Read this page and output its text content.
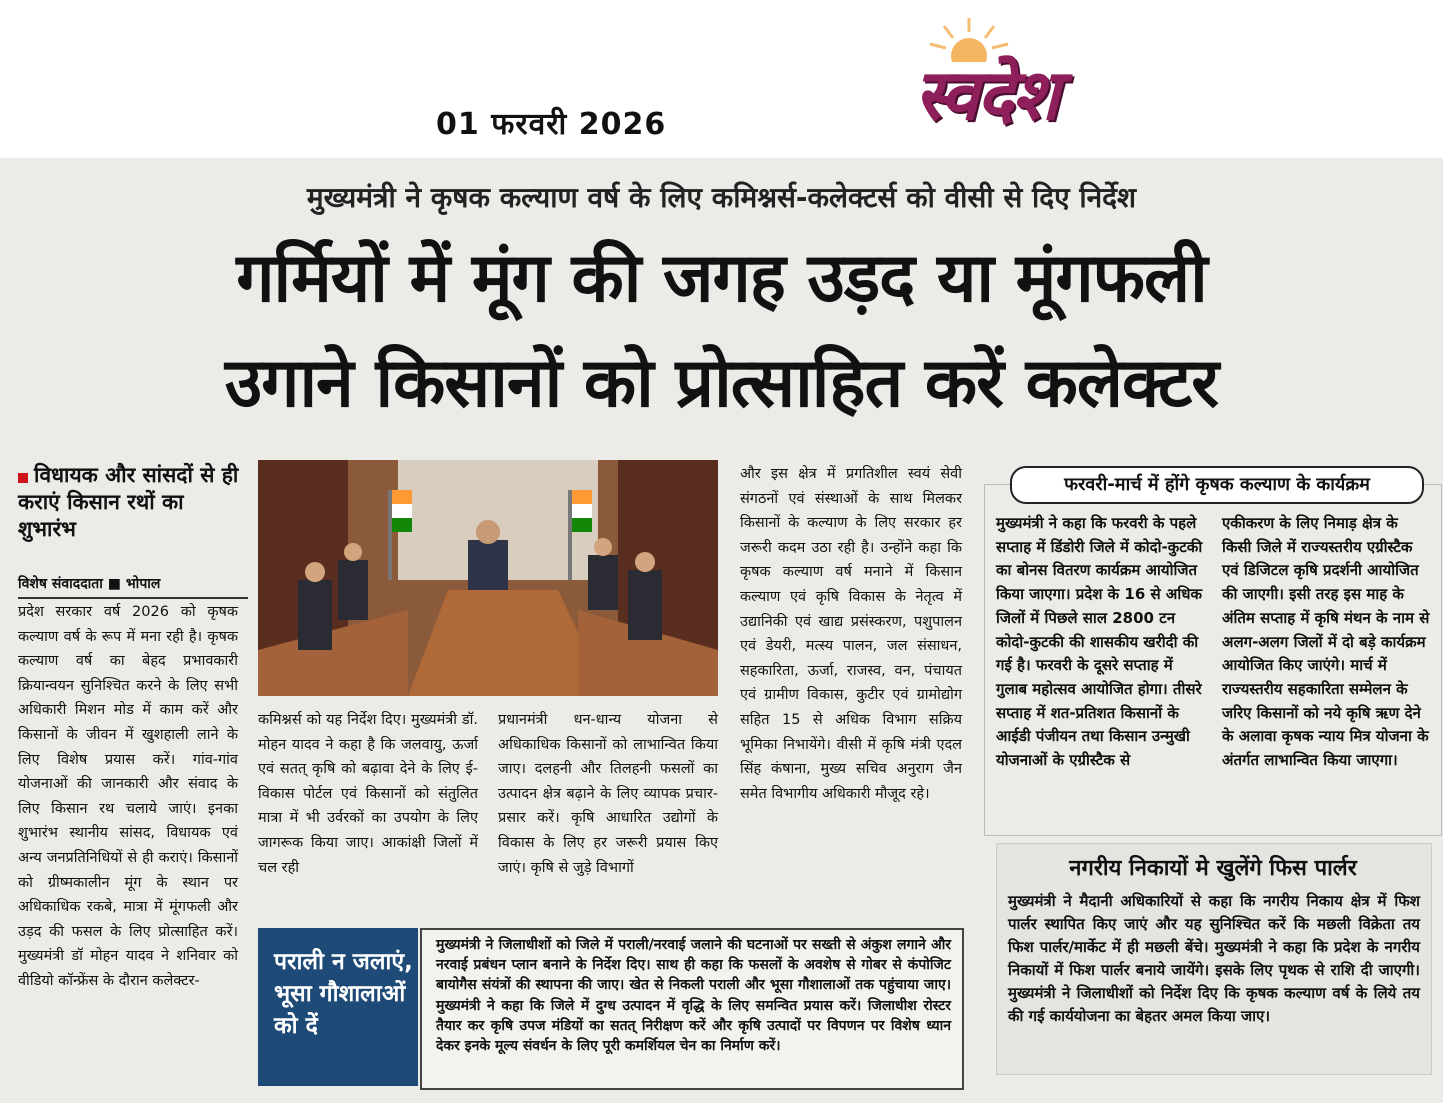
01 फरवरी 2026	स्वदेश
मुख्यमंत्री ने कृषक कल्याण वर्ष के लिए कमिश्नर्स-कलेक्टर्स को वीसी से दिए निर्देश
गर्मियों में मूंग की जगह उड़द या मूंगफली
उगाने किसानों को प्रोत्साहित करें कलेक्टर
विधायक और सांसदों से ही कराएं किसान रथों का शुभारंभ
विशेष संवाददाता ■ भोपाल
प्रदेश सरकार वर्ष 2026 को कृषक कल्याण वर्ष के रूप में मना रही है। कृषक कल्याण वर्ष का बेहद प्रभावकारी क्रियान्वयन सुनिश्चित करने के लिए सभी अधिकारी मिशन मोड में काम करें और किसानों के जीवन में खुशहाली लाने के लिए विशेष प्रयास करें। गांव-गांव योजनाओं की जानकारी और संवाद के लिए किसान रथ चलाये जाएं। इनका शुभारंभ स्थानीय सांसद, विधायक एवं अन्य जनप्रतिनिधियों से ही कराएं। किसानों को ग्रीष्मकालीन मूंग के स्थान पर अधिकाधिक रकबे, मात्रा में मूंगफली और उड़द की फसल के लिए प्रोत्साहित करें। मुख्यमंत्री डॉ मोहन यादव ने शनिवार को वीडियो कॉन्फ्रेंस के दौरान कलेक्टर-
कमिश्नर्स को यह निर्देश दिए। मुख्यमंत्री डॉ. मोहन यादव ने कहा है कि जलवायु, ऊर्जा एवं सतत् कृषि को बढ़ावा देने के लिए ई-विकास पोर्टल एवं किसानों को संतुलित मात्रा में भी उर्वरकों का उपयोग के लिए जागरूक किया जाए। आकांक्षी जिलों में चल रही
प्रधानमंत्री धन-धान्य योजना से अधिकाधिक किसानों को लाभान्वित किया जाए। दलहनी और तिलहनी फसलों का उत्पादन क्षेत्र बढ़ाने के लिए व्यापक प्रचार-प्रसार करें। कृषि आधारित उद्योगों के विकास के लिए हर जरूरी प्रयास किए जाएं। कृषि से जुड़े विभागों
और इस क्षेत्र में प्रगतिशील स्वयं सेवी संगठनों एवं संस्थाओं के साथ मिलकर किसानों के कल्याण के लिए सरकार हर जरूरी कदम उठा रही है। उन्होंने कहा कि कृषक कल्याण वर्ष मनाने में किसान कल्याण एवं कृषि विकास के नेतृत्व में उद्यानिकी एवं खाद्य प्रसंस्करण, पशुपालन एवं डेयरी, मत्स्य पालन, जल संसाधन, सहकारिता, ऊर्जा, राजस्व, वन, पंचायत एवं ग्रामीण विकास, कुटीर एवं ग्रामोद्योग सहित 15 से अधिक विभाग सक्रिय भूमिका निभायेंगे। वीसी में कृषि मंत्री एदल सिंह कंषाना, मुख्य सचिव अनुराग जैन समेत विभागीय अधिकारी मौजूद रहे।
फरवरी-मार्च में होंगे कृषक कल्याण के कार्यक्रम
मुख्यमंत्री ने कहा कि फरवरी के पहले सप्ताह में डिंडोरी जिले में कोदो-कुटकी का बोनस वितरण कार्यक्रम आयोजित किया जाएगा। प्रदेश के 16 से अधिक जिलों में पिछले साल 2800 टन कोदो-कुटकी की शासकीय खरीदी की गई है। फरवरी के दूसरे सप्ताह में गुलाब महोत्सव आयोजित होगा। तीसरे सप्ताह में शत-प्रतिशत किसानों के आईडी पंजीयन तथा किसान उन्मुखी योजनाओं के एग्रीस्टैक से
एकीकरण के लिए निमाड़ क्षेत्र के किसी जिले में राज्यस्तरीय एग्रीस्टैक एवं डिजिटल कृषि प्रदर्शनी आयोजित की जाएगी। इसी तरह इस माह के अंतिम सप्ताह में कृषि मंथन के नाम से अलग-अलग जिलों में दो बड़े कार्यक्रम आयोजित किए जाएंगे। मार्च में राज्यस्तरीय सहकारिता सम्मेलन के जरिए किसानों को नये कृषि ऋण देने के अलावा कृषक न्याय मित्र योजना के अंतर्गत लाभान्वित किया जाएगा।
नगरीय निकायों मे खुलेंगे फिस पार्लर
मुख्यमंत्री ने मैदानी अधिकारियों से कहा कि नगरीय निकाय क्षेत्र में फिश पार्लर स्थापित किए जाएं और यह सुनिश्चित करें कि मछली विक्रेता तय फिश पार्लर/मार्केट में ही मछली बेंचे। मुख्यमंत्री ने कहा कि प्रदेश के नगरीय निकायों में फिश पार्लर बनाये जायेंगे। इसके लिए पृथक से राशि दी जाएगी। मुख्यमंत्री ने जिलाधीशों को निर्देश दिए कि कृषक कल्याण वर्ष के लिये तय की गई कार्ययोजना का बेहतर अमल किया जाए।
पराली न जलाएं, भूसा गौशालाओं को दें
मुख्यमंत्री ने जिलाधीशों को जिले में पराली/नरवाई जलाने की घटनाओं पर सख्ती से अंकुश लगाने और नरवाई प्रबंधन प्लान बनाने के निर्देश दिए। साथ ही कहा कि फसलों के अवशेष से गोबर से कंपोजिट बायोगैस संयंत्रों की स्थापना की जाए। खेत से निकली पराली और भूसा गौशालाओं तक पहुंचाया जाए। मुख्यमंत्री ने कहा कि जिले में दुग्ध उत्पादन में वृद्धि के लिए समन्वित प्रयास करें। जिलाधीश रोस्टर तैयार कर कृषि उपज मंडियों का सतत् निरीक्षण करें और कृषि उत्पादों पर विपणन पर विशेष ध्यान देकर इनके मूल्य संवर्धन के लिए पूरी कमर्शियल चेन का निर्माण करें।
